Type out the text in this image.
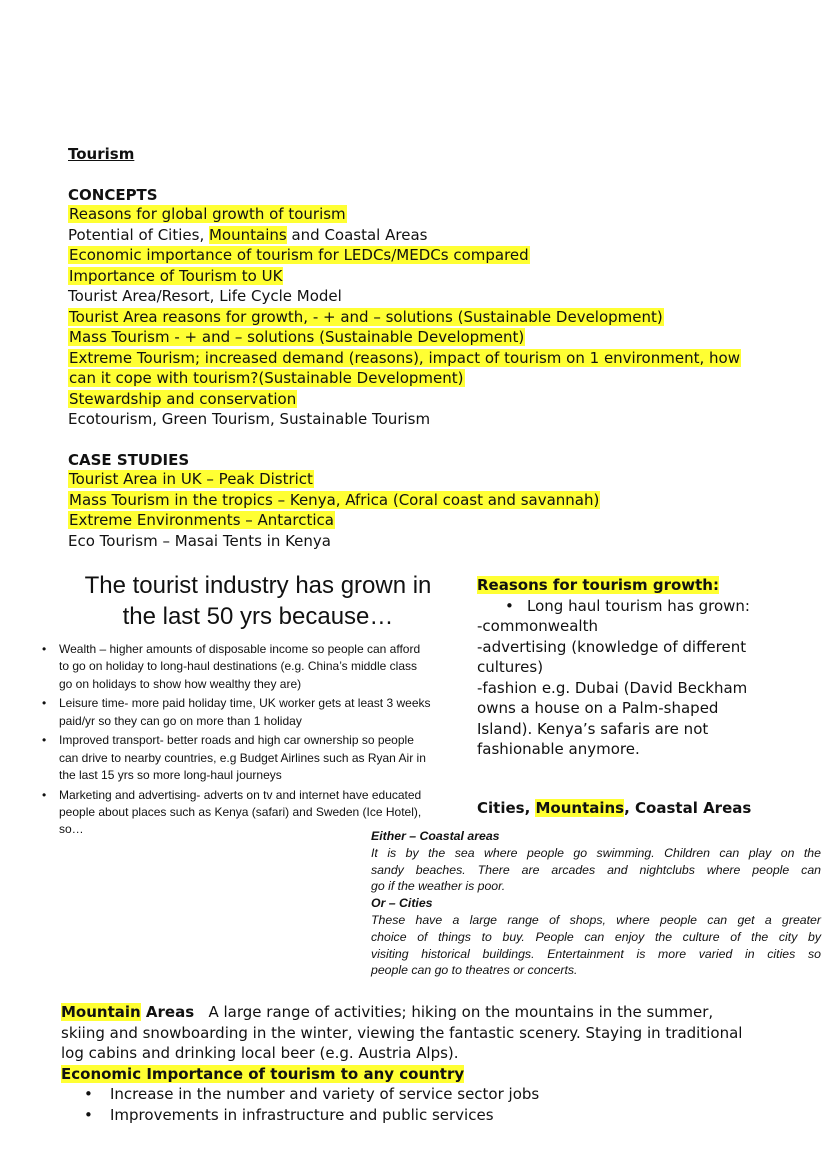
Tourism
CONCEPTS
Reasons for global growth of tourism
Potential of Cities, Mountains and Coastal Areas
Economic importance of tourism for LEDCs/MEDCs compared
Importance of Tourism to UK
Tourist Area/Resort, Life Cycle Model
Tourist Area reasons for growth, - + and – solutions (Sustainable Development)
Mass Tourism - + and – solutions (Sustainable Development)
Extreme Tourism; increased demand (reasons), impact of tourism on 1 environment, how
can it cope with tourism?(Sustainable Development)
Stewardship and conservation
Ecotourism, Green Tourism, Sustainable Tourism
CASE STUDIES
Tourist Area in UK – Peak District
Mass Tourism in the tropics – Kenya, Africa (Coral coast and savannah)
Extreme Environments – Antarctica
Eco Tourism – Masai Tents in Kenya
The tourist industry has grown in
the last 50 yrs because…
• Wealth – higher amounts of disposable income so people can afford
to go on holiday to long-haul destinations (e.g. China’s middle class
go on holidays to show how wealthy they are)
• Leisure time- more paid holiday time, UK worker gets at least 3 weeks
paid/yr so they can go on more than 1 holiday
• Improved transport- better roads and high car ownership so people
can drive to nearby countries, e.g Budget Airlines such as Ryan Air in
the last 15 yrs so more long-haul journeys
• Marketing and advertising- adverts on tv and internet have educated
people about places such as Kenya (safari) and Sweden (Ice Hotel),
so…
Reasons for tourism growth:
• Long haul tourism has grown:
-commonwealth
-advertising (knowledge of different
cultures)
-fashion e.g. Dubai (David Beckham
owns a house on a Palm-shaped
Island). Kenya’s safaris are not
fashionable anymore.
Cities, Mountains, Coastal Areas
Either – Coastal areas
It is by the sea where people go swimming. Children can play on the
sandy beaches. There are arcades and nightclubs where people can
go if the weather is poor.
Or – Cities
These have a large range of shops, where people can get a greater
choice of things to buy. People can enjoy the culture of the city by
visiting historical buildings. Entertainment is more varied in cities so
people can go to theatres or concerts.
Mountain Areas   A large range of activities; hiking on the mountains in the summer,
skiing and snowboarding in the winter, viewing the fantastic scenery. Staying in traditional
log cabins and drinking local beer (e.g. Austria Alps).
Economic Importance of tourism to any country
• Increase in the number and variety of service sector jobs
• Improvements in infrastructure and public services
